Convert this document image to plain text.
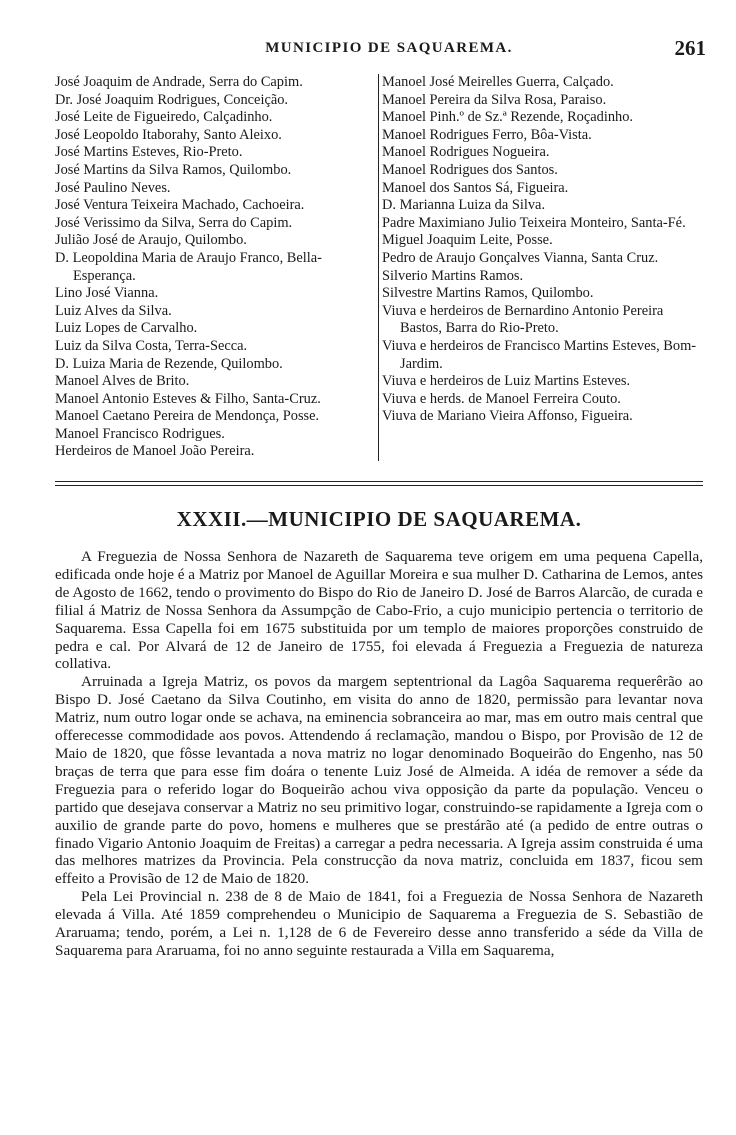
MUNICIPIO DE SAQUAREMA.	261
José Joaquim de Andrade, Serra do Capim.
Dr. José Joaquim Rodrigues, Conceição.
José Leite de Figueiredo, Calçadinho.
José Leopoldo Itaborahy, Santo Aleixo.
José Martins Esteves, Rio-Preto.
José Martins da Silva Ramos, Quilombo.
José Paulino Neves.
José Ventura Teixeira Machado, Cachoeira.
José Verissimo da Silva, Serra do Capim.
Julião José de Araujo, Quilombo.
D. Leopoldina Maria de Araujo Franco, Bella-Esperança.
Lino José Vianna.
Luiz Alves da Silva.
Luiz Lopes de Carvalho.
Luiz da Silva Costa, Terra-Secca.
D. Luiza Maria de Rezende, Quilombo.
Manoel Alves de Brito.
Manoel Antonio Esteves & Filho, Santa-Cruz.
Manoel Caetano Pereira de Mendonça, Posse.
Manoel Francisco Rodrigues.
Herdeiros de Manoel João Pereira.
Manoel José Meirelles Guerra, Calçado.
Manoel Pereira da Silva Rosa, Paraiso.
Manoel Pinh.º de Sz.ª Rezende, Roçadinho.
Manoel Rodrigues Ferro, Bôa-Vista.
Manoel Rodrigues Nogueira.
Manoel Rodrigues dos Santos.
Manoel dos Santos Sá, Figueira.
D. Marianna Luiza da Silva.
Padre Maximiano Julio Teixeira Monteiro, Santa-Fé.
Miguel Joaquim Leite, Posse.
Pedro de Araujo Gonçalves Vianna, Santa Cruz.
Silverio Martins Ramos.
Silvestre Martins Ramos, Quilombo.
Viuva e herdeiros de Bernardino Antonio Pereira Bastos, Barra do Rio-Preto.
Viuva e herdeiros de Francisco Martins Esteves, Bom-Jardim.
Viuva e herdeiros de Luiz Martins Esteves.
Viuva e herds. de Manoel Ferreira Couto.
Viuva de Mariano Vieira Affonso, Figueira.
XXXII.—MUNICIPIO DE SAQUAREMA.

A Freguezia de Nossa Senhora de Nazareth de Saquarema teve origem em uma pequena Capella, edificada onde hoje é a Matriz por Manoel de Aguillar Moreira e sua mulher D. Catharina de Lemos, antes de Agosto de 1662, tendo o provimento do Bispo do Rio de Janeiro D. José de Barros Alarcão, de curada e filial á Matriz de Nossa Senhora da Assumpção de Cabo-Frio, a cujo municipio pertencia o territorio de Saquarema. Essa Capella foi em 1675 substituida por um templo de maiores proporções construido de pedra e cal. Por Alvará de 12 de Janeiro de 1755, foi elevada á Freguezia a Freguezia de natureza collativa.

Arruinada a Igreja Matriz, os povos da margem septentrional da Lagôa Saquarema requerêrão ao Bispo D. José Caetano da Silva Coutinho, em visita do anno de 1820, permissão para levantar nova Matriz, num outro logar onde se achava, na eminencia sobranceira ao mar, mas em outro mais central que offerecesse commodidade aos povos. Attendendo á reclamação, mandou o Bispo, por Provisão de 12 de Maio de 1820, que fôsse levantada a nova matriz no logar denominado Boqueirão do Engenho, nas 50 braças de terra que para esse fim doára o tenente Luiz José de Almeida. A idéa de remover a séde da Freguezia para o referido logar do Boqueirão achou viva opposição da parte da população. Venceu o partido que desejava conservar a Matriz no seu primitivo logar, construindo-se rapidamente a Igreja com o auxilio de grande parte do povo, homens e mulheres que se prestárão até (a pedido de entre outras o finado Vigario Antonio Joaquim de Freitas) a carregar a pedra necessaria. A Igreja assim construida é uma das melhores matrizes da Provincia. Pela construcção da nova matriz, concluida em 1837, ficou sem effeito a Provisão de 12 de Maio de 1820.

Pela Lei Provincial n. 238 de 8 de Maio de 1841, foi a Freguezia de Nossa Senhora de Nazareth elevada á Villa. Até 1859 comprehendeu o Municipio de Saquarema a Freguezia de S. Sebastião de Araruama; tendo, porém, a Lei n. 1,128 de 6 de Fevereiro desse anno transferido a séde da Villa de Saquarema para Araruama, foi no anno seguinte restaurada a Villa em Saquarema,
